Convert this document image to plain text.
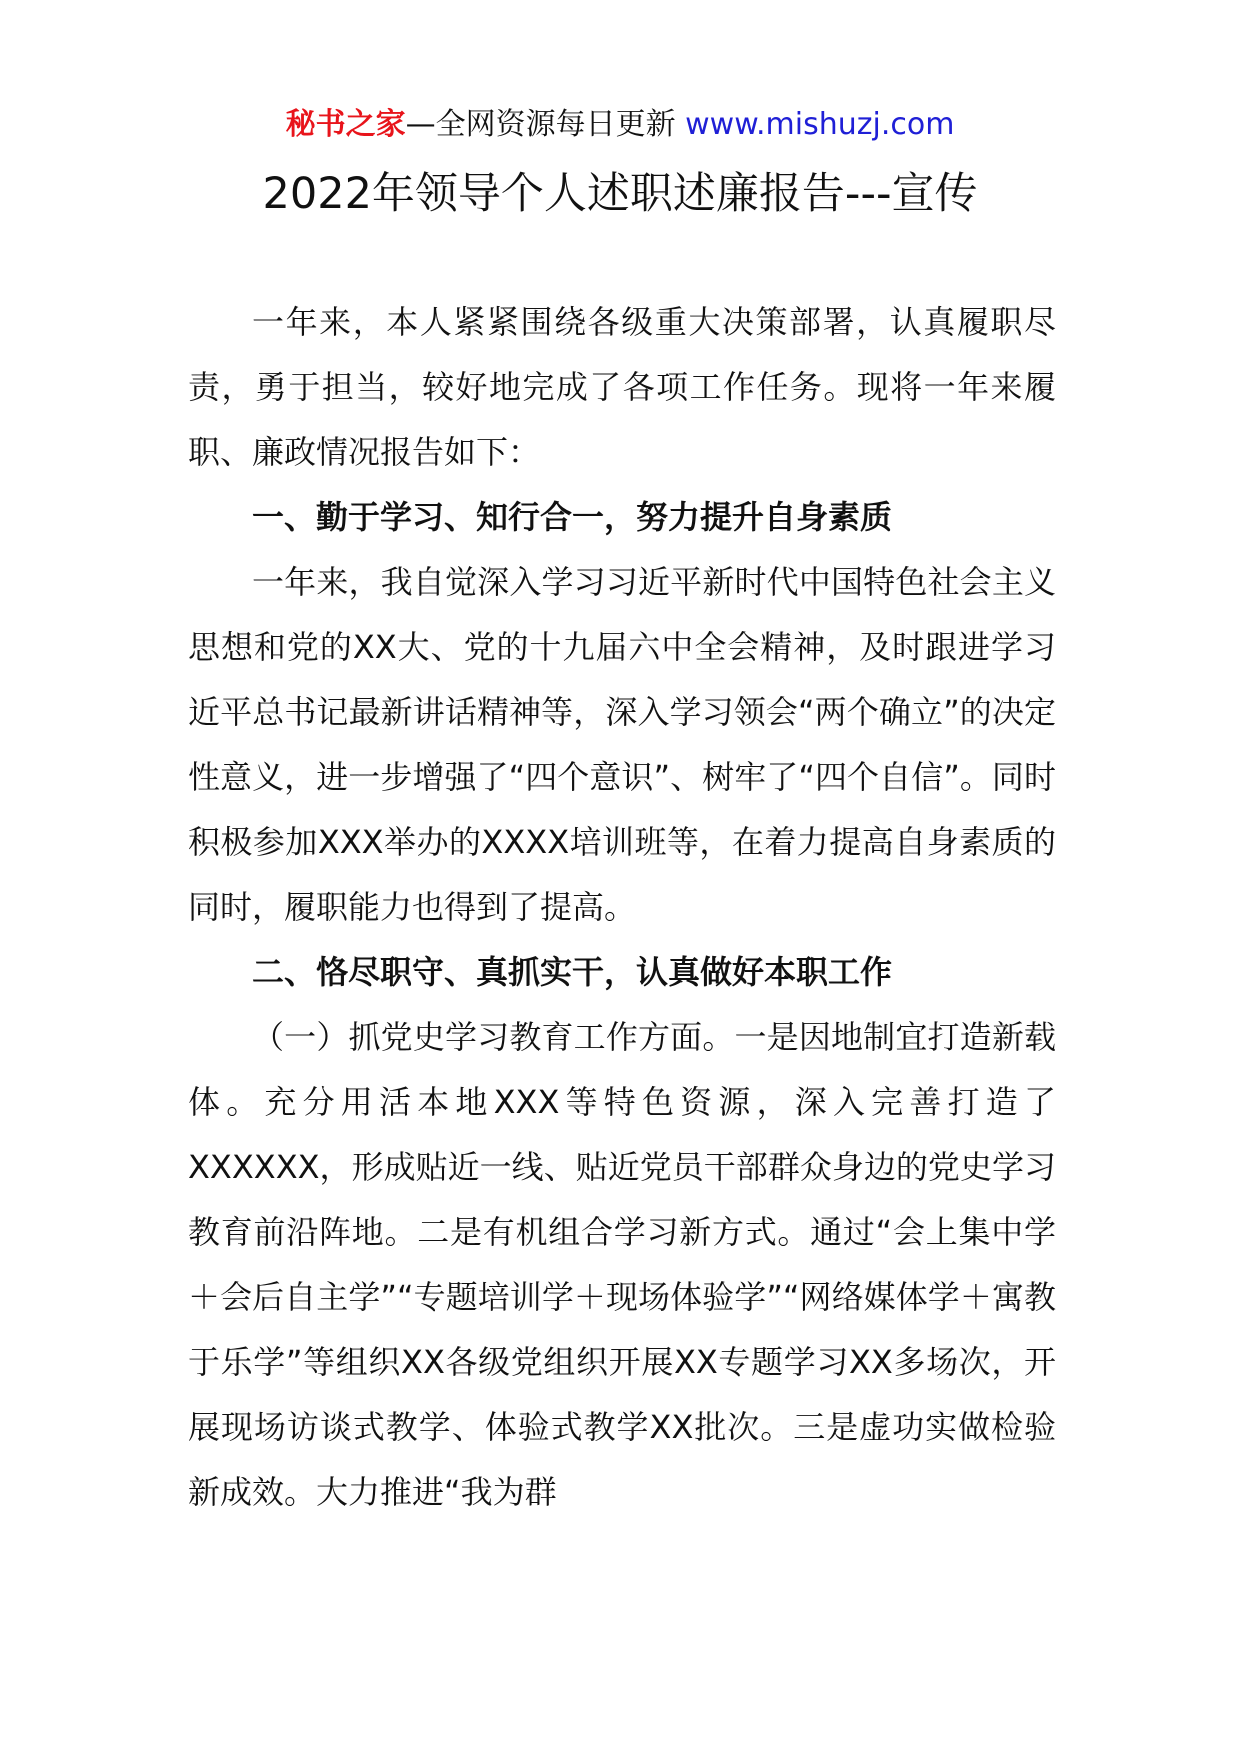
秘书之家—全网资源每日更新 www.mishuzj.com
2022年领导个人述职述廉报告---宣传

一年来，本人紧紧围绕各级重大决策部署，认真履职尽责，勇于担当，较好地完成了各项工作任务。现将一年来履职、廉政情况报告如下：

一、勤于学习、知行合一，努力提升自身素质

一年来，我自觉深入学习习近平新时代中国特色社会主义思想和党的XX大、党的十九届六中全会精神，及时跟进学习近平总书记最新讲话精神等，深入学习领会“两个确立”的决定性意义，进一步增强了“四个意识”、树牢了“四个自信”。同时积极参加XXX举办的XXXX培训班等，在着力提高自身素质的同时，履职能力也得到了提高。

二、恪尽职守、真抓实干，认真做好本职工作

（一）抓党史学习教育工作方面。一是因地制宜打造新载体。充分用活本地XXX等特色资源，深入完善打造了XXXXXX，形成贴近一线、贴近党员干部群众身边的党史学习教育前沿阵地。二是有机组合学习新方式。通过“会上集中学＋会后自主学”“专题培训学＋现场体验学”“网络媒体学＋寓教于乐学”等组织XX各级党组织开展XX专题学习XX多场次，开展现场访谈式教学、体验式教学XX批次。三是虚功实做检验新成效。大力推进“我为群
